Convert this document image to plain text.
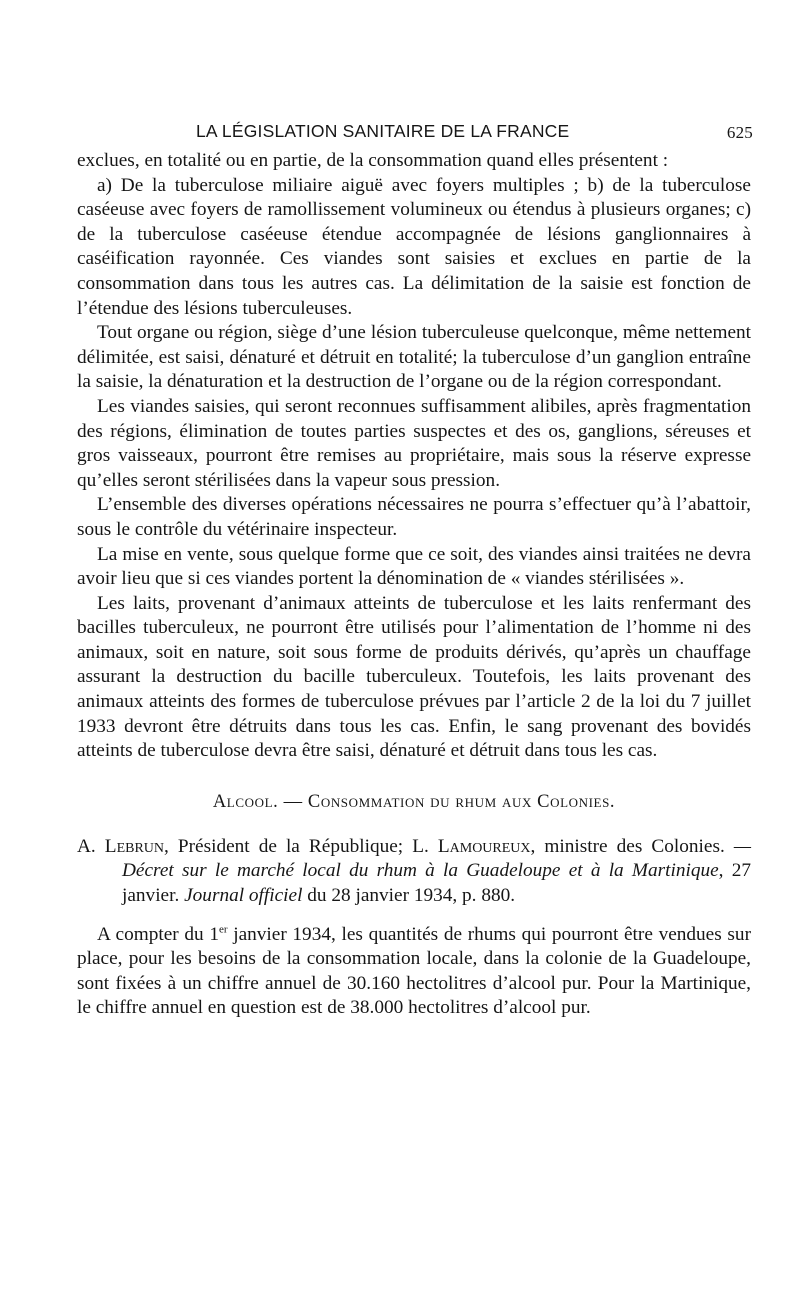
LA LÉGISLATION SANITAIRE DE LA FRANCE	625

exclues, en totalité ou en partie, de la consommation quand elles présentent :

a) De la tuberculose miliaire aiguë avec foyers multiples ; b) de la tuberculose caséeuse avec foyers de ramollissement volumineux ou étendus à plusieurs organes; c) de la tuberculose caséeuse étendue accompagnée de lésions ganglionnaires à caséification rayonnée. Ces viandes sont saisies et exclues en partie de la consommation dans tous les autres cas. La délimitation de la saisie est fonction de l’étendue des lésions tuberculeuses.

Tout organe ou région, siège d’une lésion tuberculeuse quelconque, même nettement délimitée, est saisi, dénaturé et détruit en totalité; la tuberculose d’un ganglion entraîne la saisie, la dénaturation et la destruction de l’organe ou de la région correspondant.

Les viandes saisies, qui seront reconnues suffisamment alibiles, après fragmentation des régions, élimination de toutes parties suspectes et des os, ganglions, séreuses et gros vaisseaux, pourront être remises au propriétaire, mais sous la réserve expresse qu’elles seront stérilisées dans la vapeur sous pression.

L’ensemble des diverses opérations nécessaires ne pourra s’effectuer qu’à l’abattoir, sous le contrôle du vétérinaire inspecteur.

La mise en vente, sous quelque forme que ce soit, des viandes ainsi traitées ne devra avoir lieu que si ces viandes portent la dénomination de « viandes stérilisées ».

Les laits, provenant d’animaux atteints de tuberculose et les laits renfermant des bacilles tuberculeux, ne pourront être utilisés pour l’alimentation de l’homme ni des animaux, soit en nature, soit sous forme de produits dérivés, qu’après un chauffage assurant la destruction du bacille tuberculeux. Toutefois, les laits provenant des animaux atteints des formes de tuberculose prévues par l’article 2 de la loi du 7 juillet 1933 devront être détruits dans tous les cas. Enfin, le sang provenant des bovidés atteints de tuberculose devra être saisi, dénaturé et détruit dans tous les cas.

Alcool. — Consommation du rhum aux Colonies.

A. Lebrun, Président de la République; L. Lamoureux, ministre des Colonies. — Décret sur le marché local du rhum à la Guadeloupe et à la Martinique, 27 janvier. Journal officiel du 28 janvier 1934, p. 880.

A compter du 1er janvier 1934, les quantités de rhums qui pourront être vendues sur place, pour les besoins de la consommation locale, dans la colonie de la Guadeloupe, sont fixées à un chiffre annuel de 30.160 hectolitres d’alcool pur. Pour la Martinique, le chiffre annuel en question est de 38.000 hectolitres d’alcool pur.
